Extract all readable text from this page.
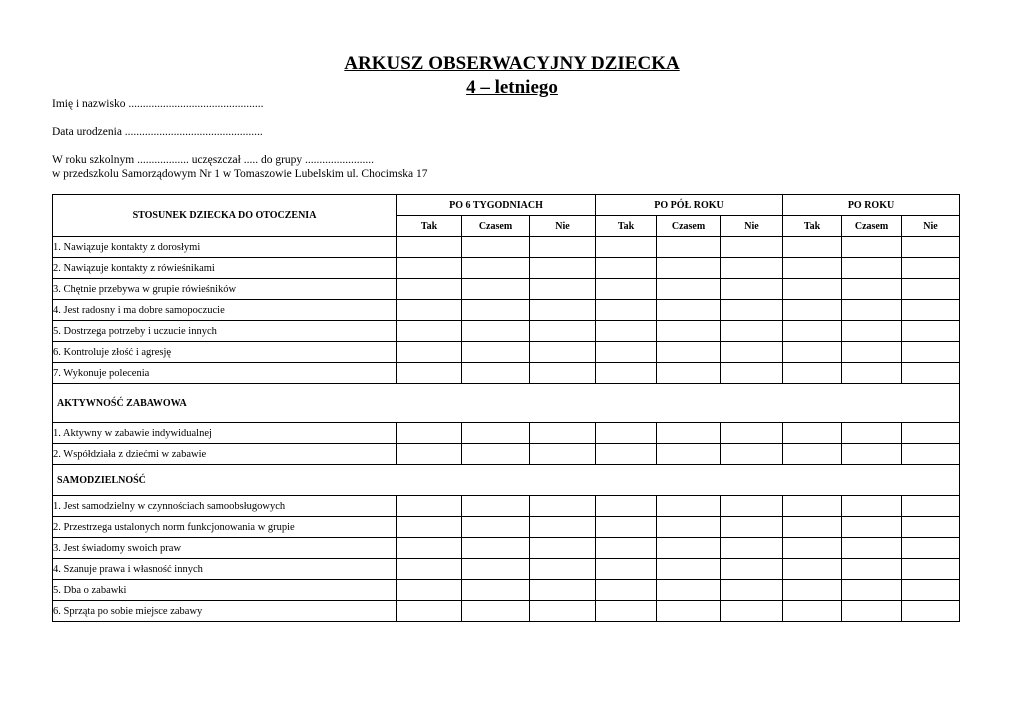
ARKUSZ OBSERWACYJNY DZIECKA
4 – letniego
Imię i nazwisko ...............................................
Data urodzenia ................................................
W roku szkolnym .................. uczęszczał ..... do grupy ........................
w przedszkolu Samorządowym Nr 1 w Tomaszowie Lubelskim ul. Chocimska 17
STOSUNEK DZIECKA DO OTOCZENIA	PO 6 TYGODNIACH			PO PÓŁ ROKU			PO ROKU		
	Tak	Czasem	Nie	Tak	Czasem	Nie	Tak	Czasem	Nie
1. Nawiązuje kontakty z dorosłymi									
2. Nawiązuje kontakty z rówieśnikami									
3. Chętnie przebywa w grupie rówieśników									
4. Jest radosny i ma dobre samopoczucie									
5. Dostrzega potrzeby i uczucie innych									
6. Kontroluje złość i agresję									
7. Wykonuje polecenia									
AKTYWNOŚĆ ZABAWOWA									
1. Aktywny w zabawie indywidualnej									
2. Współdziała z dziećmi w zabawie									
SAMODZIELNOŚĆ									
1. Jest samodzielny w czynnościach samoobsługowych									
2. Przestrzega ustalonych norm funkcjonowania w grupie									
3. Jest świadomy swoich praw									
4. Szanuje prawa i własność innych									
5. Dba o zabawki									
6. Sprząta po sobie miejsce zabawy									
